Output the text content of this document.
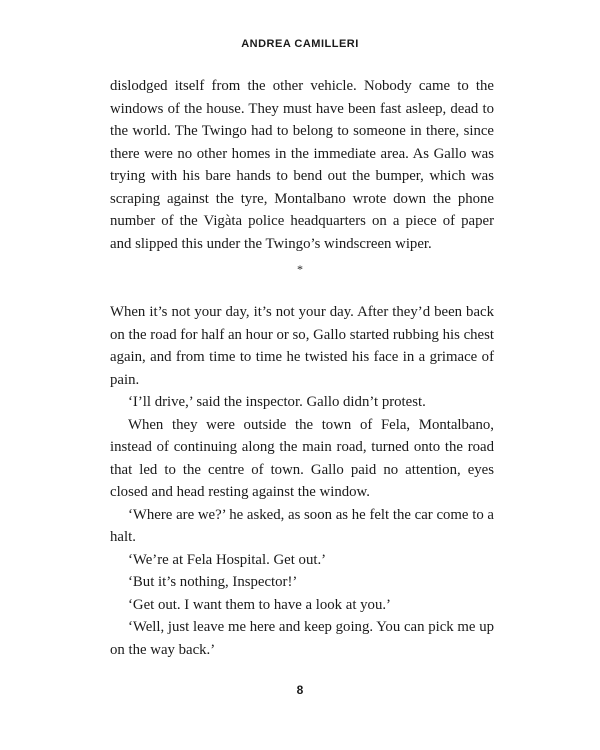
ANDREA CAMILLERI

dislodged itself from the other vehicle. Nobody came to the windows of the house. They must have been fast asleep, dead to the world. The Twingo had to belong to someone in there, since there were no other homes in the immediate area. As Gallo was trying with his bare hands to bend out the bumper, which was scraping against the tyre, Montalbano wrote down the phone number of the Vigàta police headquarters on a piece of paper and slipped this under the Twingo’s windscreen wiper.

*

When it’s not your day, it’s not your day. After they’d been back on the road for half an hour or so, Gallo started rubbing his chest again, and from time to time he twisted his face in a grimace of pain.

‘I’ll drive,’ said the inspector. Gallo didn’t protest.

When they were outside the town of Fela, Montalbano, instead of continuing along the main road, turned onto the road that led to the centre of town. Gallo paid no attention, eyes closed and head resting against the window.

‘Where are we?’ he asked, as soon as he felt the car come to a halt.

‘We’re at Fela Hospital. Get out.’

‘But it’s nothing, Inspector!’

‘Get out. I want them to have a look at you.’

‘Well, just leave me here and keep going. You can pick me up on the way back.’

8
